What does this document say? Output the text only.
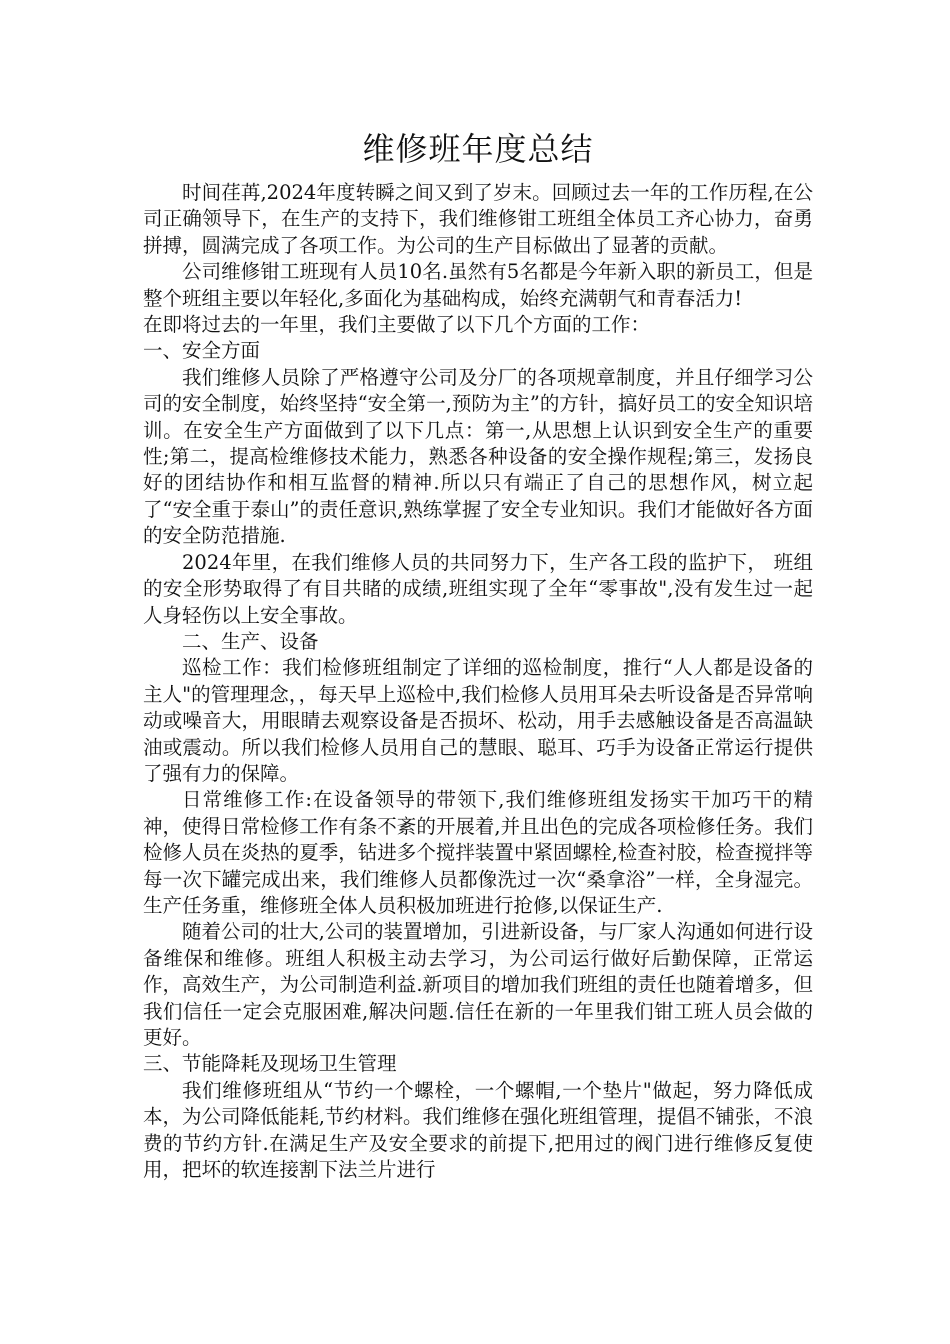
维修班年度总结

时间荏苒,2024年度转瞬之间又到了岁末。回顾过去一年的工作历程,在公司正确领导下，在生产的支持下，我们维修钳工班组全体员工齐心协力，奋勇拼搏，圆满完成了各项工作。为公司的生产目标做出了显著的贡献。

公司维修钳工班现有人员10名.虽然有5名都是今年新入职的新员工，但是整个班组主要以年轻化,多面化为基础构成，始终充满朝气和青春活力!

在即将过去的一年里，我们主要做了以下几个方面的工作：

一、安全方面

我们维修人员除了严格遵守公司及分厂的各项规章制度，并且仔细学习公司的安全制度，始终坚持“安全第一,预防为主”的方针，搞好员工的安全知识培训。在安全生产方面做到了以下几点：第一,从思想上认识到安全生产的重要性;第二，提高检维修技术能力，熟悉各种设备的安全操作规程;第三，发扬良好的团结协作和相互监督的精神.所以只有端正了自己的思想作风，树立起了“安全重于泰山”的责任意识,熟练掌握了安全专业知识。我们才能做好各方面的安全防范措施.

2024年里，在我们维修人员的共同努力下，生产各工段的监护下， 班组的安全形势取得了有目共睹的成绩,班组实现了全年“零事故",没有发生过一起人身轻伤以上安全事故。

二、生产、设备

巡检工作：我们检修班组制定了详细的巡检制度，推行“人人都是设备的主人"的管理理念，，每天早上巡检中,我们检修人员用耳朵去听设备是否异常响动或噪音大，用眼睛去观察设备是否损坏、松动，用手去感触设备是否高温缺油或震动。所以我们检修人员用自己的慧眼、聪耳、巧手为设备正常运行提供了强有力的保障。

日常维修工作:在设备领导的带领下,我们维修班组发扬实干加巧干的精神，使得日常检修工作有条不紊的开展着,并且出色的完成各项检修任务。我们检修人员在炎热的夏季，钻进多个搅拌装置中紧固螺栓,检查衬胶，检查搅拌等每一次下罐完成出来，我们维修人员都像洗过一次“桑拿浴”一样，全身湿完。生产任务重，维修班全体人员积极加班进行抢修,以保证生产.

随着公司的壮大,公司的装置增加，引进新设备，与厂家人沟通如何进行设备维保和维修。班组人积极主动去学习，为公司运行做好后勤保障，正常运作，高效生产，为公司制造利益.新项目的增加我们班组的责任也随着增多，但我们信任一定会克服困难,解决问题.信任在新的一年里我们钳工班人员会做的更好。

三、节能降耗及现场卫生管理

我们维修班组从“节约一个螺栓，一个螺帽,一个垫片"做起，努力降低成本，为公司降低能耗,节约材料。我们维修在强化班组管理，提倡不铺张，不浪费的节约方针.在满足生产及安全要求的前提下,把用过的阀门进行维修反复使用，把坏的软连接割下法兰片进行
